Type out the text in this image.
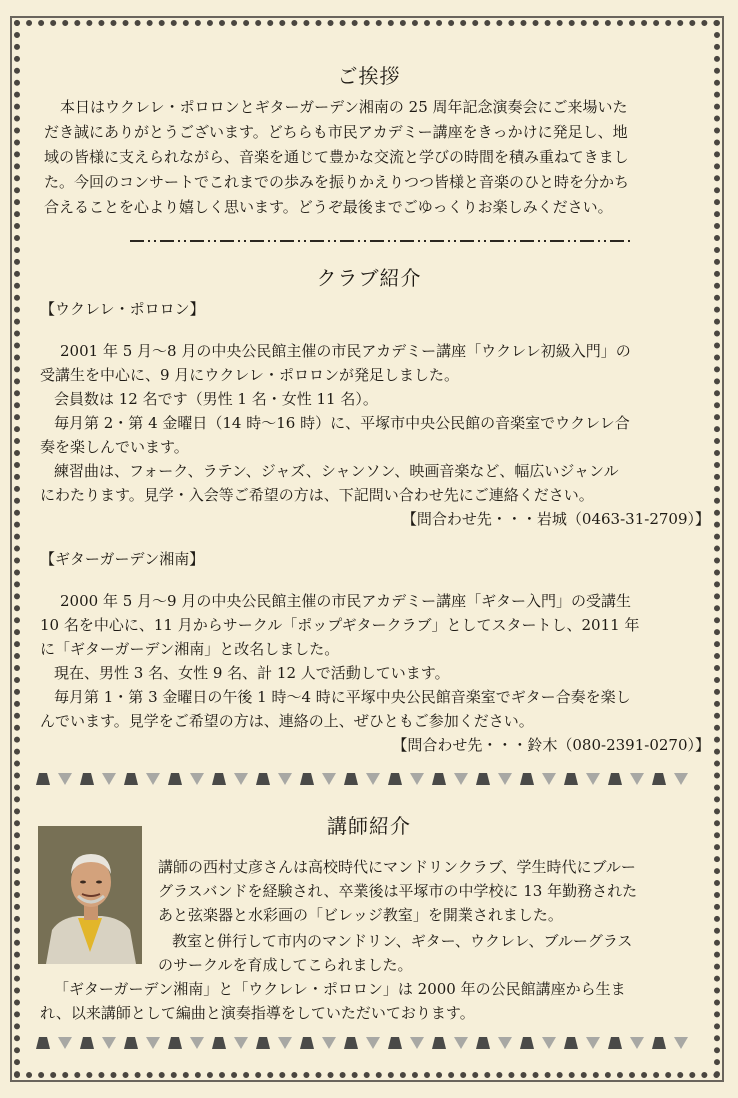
ご挨拶
本日はウクレレ・ポロロンとギターガーデン湘南の 25 周年記念演奏会にご来場いた
だき誠にありがとうございます。どちらも市民アカデミー講座をきっかけに発足し、地
域の皆様に支えられながら、音楽を通じて豊かな交流と学びの時間を積み重ねてきまし
た。今回のコンサートでこれまでの歩みを振りかえりつつ皆様と音楽のひと時を分かち
合えることを心より嬉しく思います。どうぞ最後までごゆっくりお楽しみください。
クラブ紹介
【ウクレレ・ポロロン】
2001 年 5 月〜8 月の中央公民館主催の市民アカデミー講座「ウクレレ初級入門」の
受講生を中心に、9 月にウクレレ・ポロロンが発足しました。
会員数は 12 名です（男性 1 名・女性 11 名）。
毎月第 2・第 4 金曜日（14 時〜16 時）に、平塚市中央公民館の音楽室でウクレレ合
奏を楽しんでいます。
練習曲は、フォーク、ラテン、ジャズ、シャンソン、映画音楽など、幅広いジャンル
にわたります。見学・入会等ご希望の方は、下記問い合わせ先にご連絡ください。
【問合わせ先・・・岩城（0463-31-2709）】
【ギターガーデン湘南】
2000 年 5 月〜9 月の中央公民館主催の市民アカデミー講座「ギター入門」の受講生
10 名を中心に、11 月からサークル「ポップギタークラブ」としてスタートし、2011 年
に「ギターガーデン湘南」と改名しました。
現在、男性 3 名、女性 9 名、計 12 人で活動しています。
毎月第 1・第 3 金曜日の午後 1 時〜4 時に平塚中央公民館音楽室でギター合奏を楽し
んでいます。見学をご希望の方は、連絡の上、ぜひともご参加ください。
【問合わせ先・・・鈴木（080-2391-0270）】
講師紹介
講師の西村丈彦さんは高校時代にマンドリンクラブ、学生時代にブルー
グラスバンドを経験され、卒業後は平塚市の中学校に 13 年勤務された
あと弦楽器と水彩画の「ビレッジ教室」を開業されました。
教室と併行して市内のマンドリン、ギター、ウクレレ、ブルーグラス
のサークルを育成してこられました。
「ギターガーデン湘南」と「ウクレレ・ポロロン」は 2000 年の公民館講座から生ま
れ、以来講師として編曲と演奏指導をしていただいております。
